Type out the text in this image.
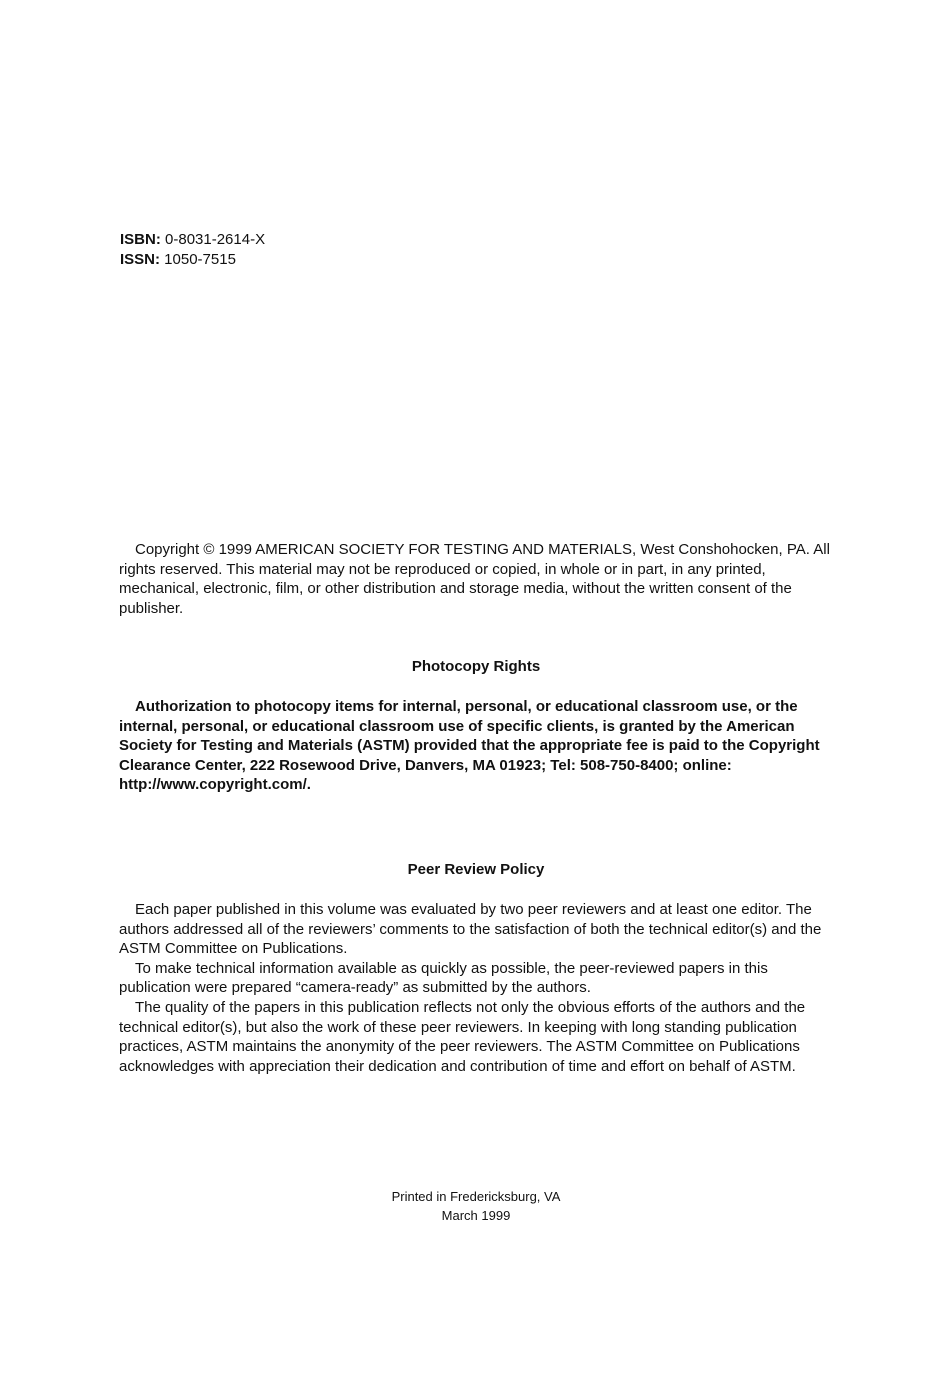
ISBN: 0-8031-2614-X
ISSN: 1050-7515
Copyright © 1999 AMERICAN SOCIETY FOR TESTING AND MATERIALS, West Conshohocken, PA. All rights reserved. This material may not be reproduced or copied, in whole or in part, in any printed, mechanical, electronic, film, or other distribution and storage media, without the written consent of the publisher.
Photocopy Rights
Authorization to photocopy items for internal, personal, or educational classroom use, or the internal, personal, or educational classroom use of specific clients, is granted by the American Society for Testing and Materials (ASTM) provided that the appropriate fee is paid to the Copyright Clearance Center, 222 Rosewood Drive, Danvers, MA 01923; Tel: 508-750-8400; online: http://www.copyright.com/.
Peer Review Policy

Each paper published in this volume was evaluated by two peer reviewers and at least one editor. The authors addressed all of the reviewers’ comments to the satisfaction of both the technical editor(s) and the ASTM Committee on Publications.

To make technical information available as quickly as possible, the peer-reviewed papers in this publication were prepared “camera-ready” as submitted by the authors.

The quality of the papers in this publication reflects not only the obvious efforts of the authors and the technical editor(s), but also the work of these peer reviewers. In keeping with long standing publication practices, ASTM maintains the anonymity of the peer reviewers. The ASTM Committee on Publications acknowledges with appreciation their dedication and contribution of time and effort on behalf of ASTM.

Printed in Fredericksburg, VA
March 1999
